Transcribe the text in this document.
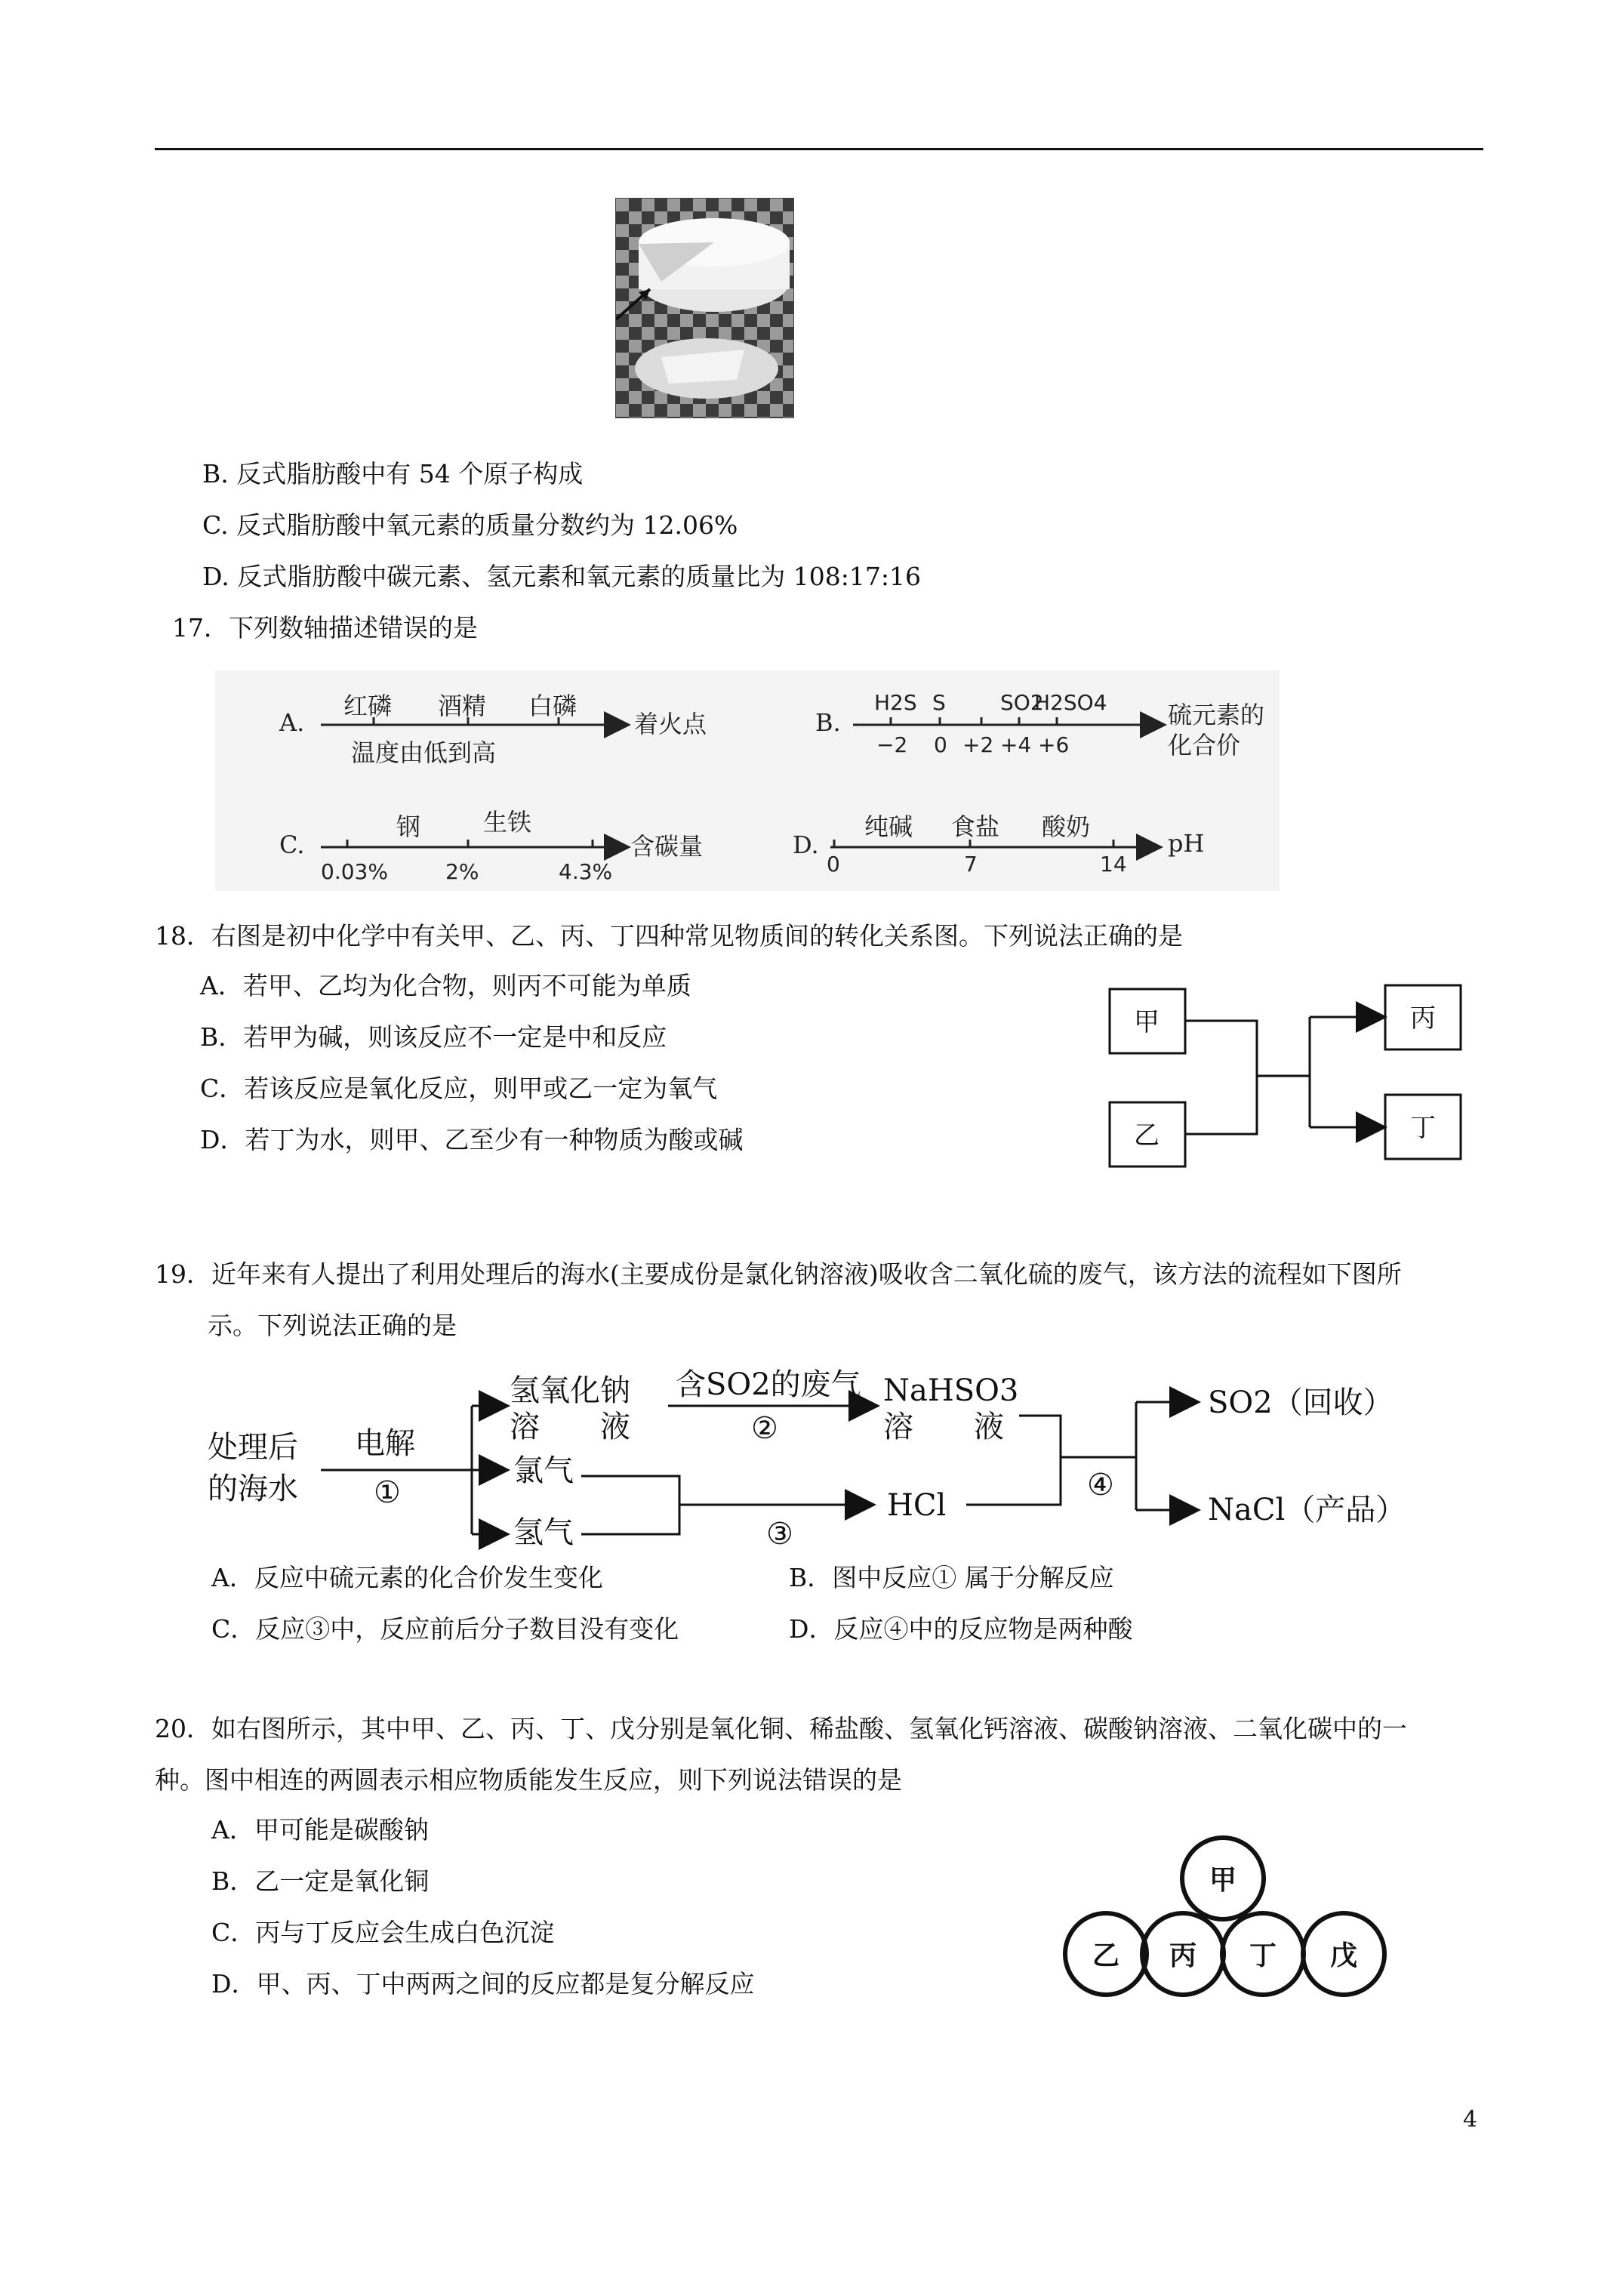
B. 反式脂肪酸中有 54 个原子构成
C. 反式脂肪酸中氧元素的质量分数约为 12.06%
D. 反式脂肪酸中碳元素、氢元素和氧元素的质量比为 108:17:16
17．下列数轴描述错误的是
A.
红磷 酒精 白磷
着火点
温度由低到高
B.
H2S S	SO2
H2SO4
−2 0 +2 +4 +6
硫元素的
化合价
C.
钢	生铁
0.03%	2%	4.3%
含碳量	D.
纯碱 食盐 酸奶
0	7	14
pH
18．右图是初中化学中有关甲、乙、丙、丁四种常见物质间的转化关系图。下列说法正确的是
A．若甲、乙均为化合物，则丙不可能为单质
B．若甲为碱，则该反应不一定是中和反应
C．若该反应是氧化反应，则甲或乙一定为氧气
D．若丁为水，则甲、乙至少有一种物质为酸或碱
甲
乙
丙
丁
19．近年来有人提出了利用处理后的海水(主要成份是氯化钠溶液)吸收含二氧化硫的废气，该方法的流程如下图所
示。下列说法正确的是
处理后
的海水
电解
①
氢氧化钠
溶　　液
氯气
氢气
含SO2的废气
②
NaHSO3
溶　　液
③
HCl
④
SO2（回收）
NaCl（产品）
A．反应中硫元素的化合价发生变化	B．图中反应① 属于分解反应
C．反应③中，反应前后分子数目没有变化	D．反应④中的反应物是两种酸
20．如右图所示，其中甲、乙、丙、丁、戊分别是氧化铜、稀盐酸、氢氧化钙溶液、碳酸钠溶液、二氧化碳中的一
种。图中相连的两圆表示相应物质能发生反应，则下列说法错误的是
A．甲可能是碳酸钠
B．乙一定是氧化铜
C．丙与丁反应会生成白色沉淀
D．甲、丙、丁中两两之间的反应都是复分解反应
甲
乙 丙 丁 戊
4
